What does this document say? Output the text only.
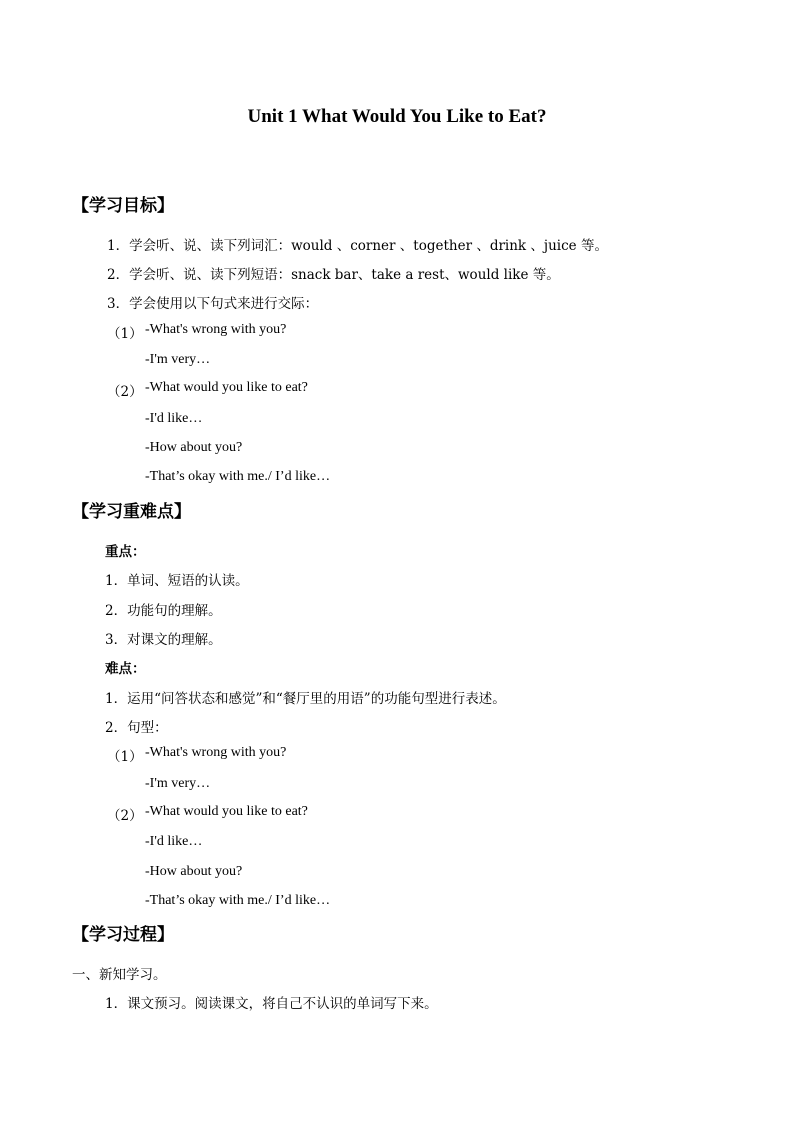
Unit 1 What Would You Like to Eat?
【学习目标】
1．学会听、说、读下列词汇：would 、corner 、together 、drink 、juice 等。
2．学会听、说、读下列短语：snack bar、take a rest、would like 等。
3．学会使用以下句式来进行交际：
（1） -What's wrong with you?
-I'm very…
（2） -What would you like to eat?
-I'd like…
-How about you?
-That’s okay with me./ I’d like…
【学习重难点】
重点：
1．单词、短语的认读。
2．功能句的理解。
3．对课文的理解。
难点：
1．运用“问答状态和感觉”和“餐厅里的用语”的功能句型进行表述。
2．句型：
（1） -What's wrong with you?
-I'm very…
（2） -What would you like to eat?
-I'd like…
-How about you?
-That’s okay with me./ I’d like…
【学习过程】
一、新知学习。
1．课文预习。阅读课文，将自己不认识的单词写下来。
